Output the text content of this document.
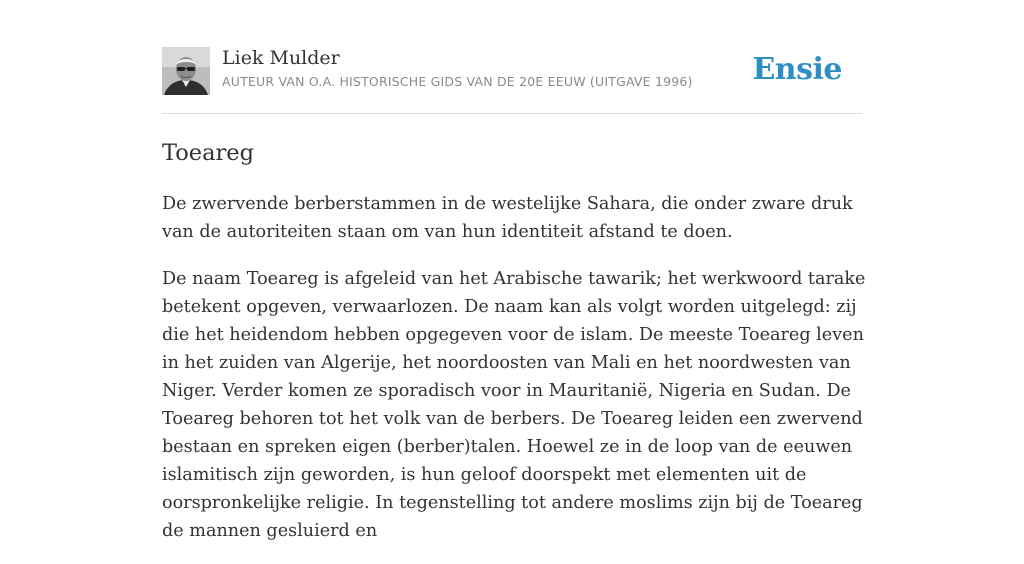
Liek Mulder
AUTEUR VAN O.A. HISTORISCHE GIDS VAN DE 20E EEUW (UITGAVE 1996) Ensie
Toeareg

De zwervende berberstammen in de westelijke Sahara, die onder zware druk van de autoriteiten staan om van hun identiteit afstand te doen.

De naam Toeareg is afgeleid van het Arabische tawarik; het werkwoord tarake betekent opgeven, verwaarlozen. De naam kan als volgt worden uitgelegd: zij die het heidendom hebben opgegeven voor de islam. De meeste Toeareg leven in het zuiden van Algerije, het noordoosten van Mali en het noordwesten van Niger. Verder komen ze sporadisch voor in Mauritanië, Nigeria en Sudan. De Toeareg behoren tot het volk van de berbers. De Toeareg leiden een zwervend bestaan en spreken eigen (berber)talen. Hoewel ze in de loop van de eeuwen islamitisch zijn geworden, is hun geloof doorspekt met elementen uit de oorspronkelijke religie. In tegenstelling tot andere moslims zijn bij de Toeareg de mannen gesluierd en
